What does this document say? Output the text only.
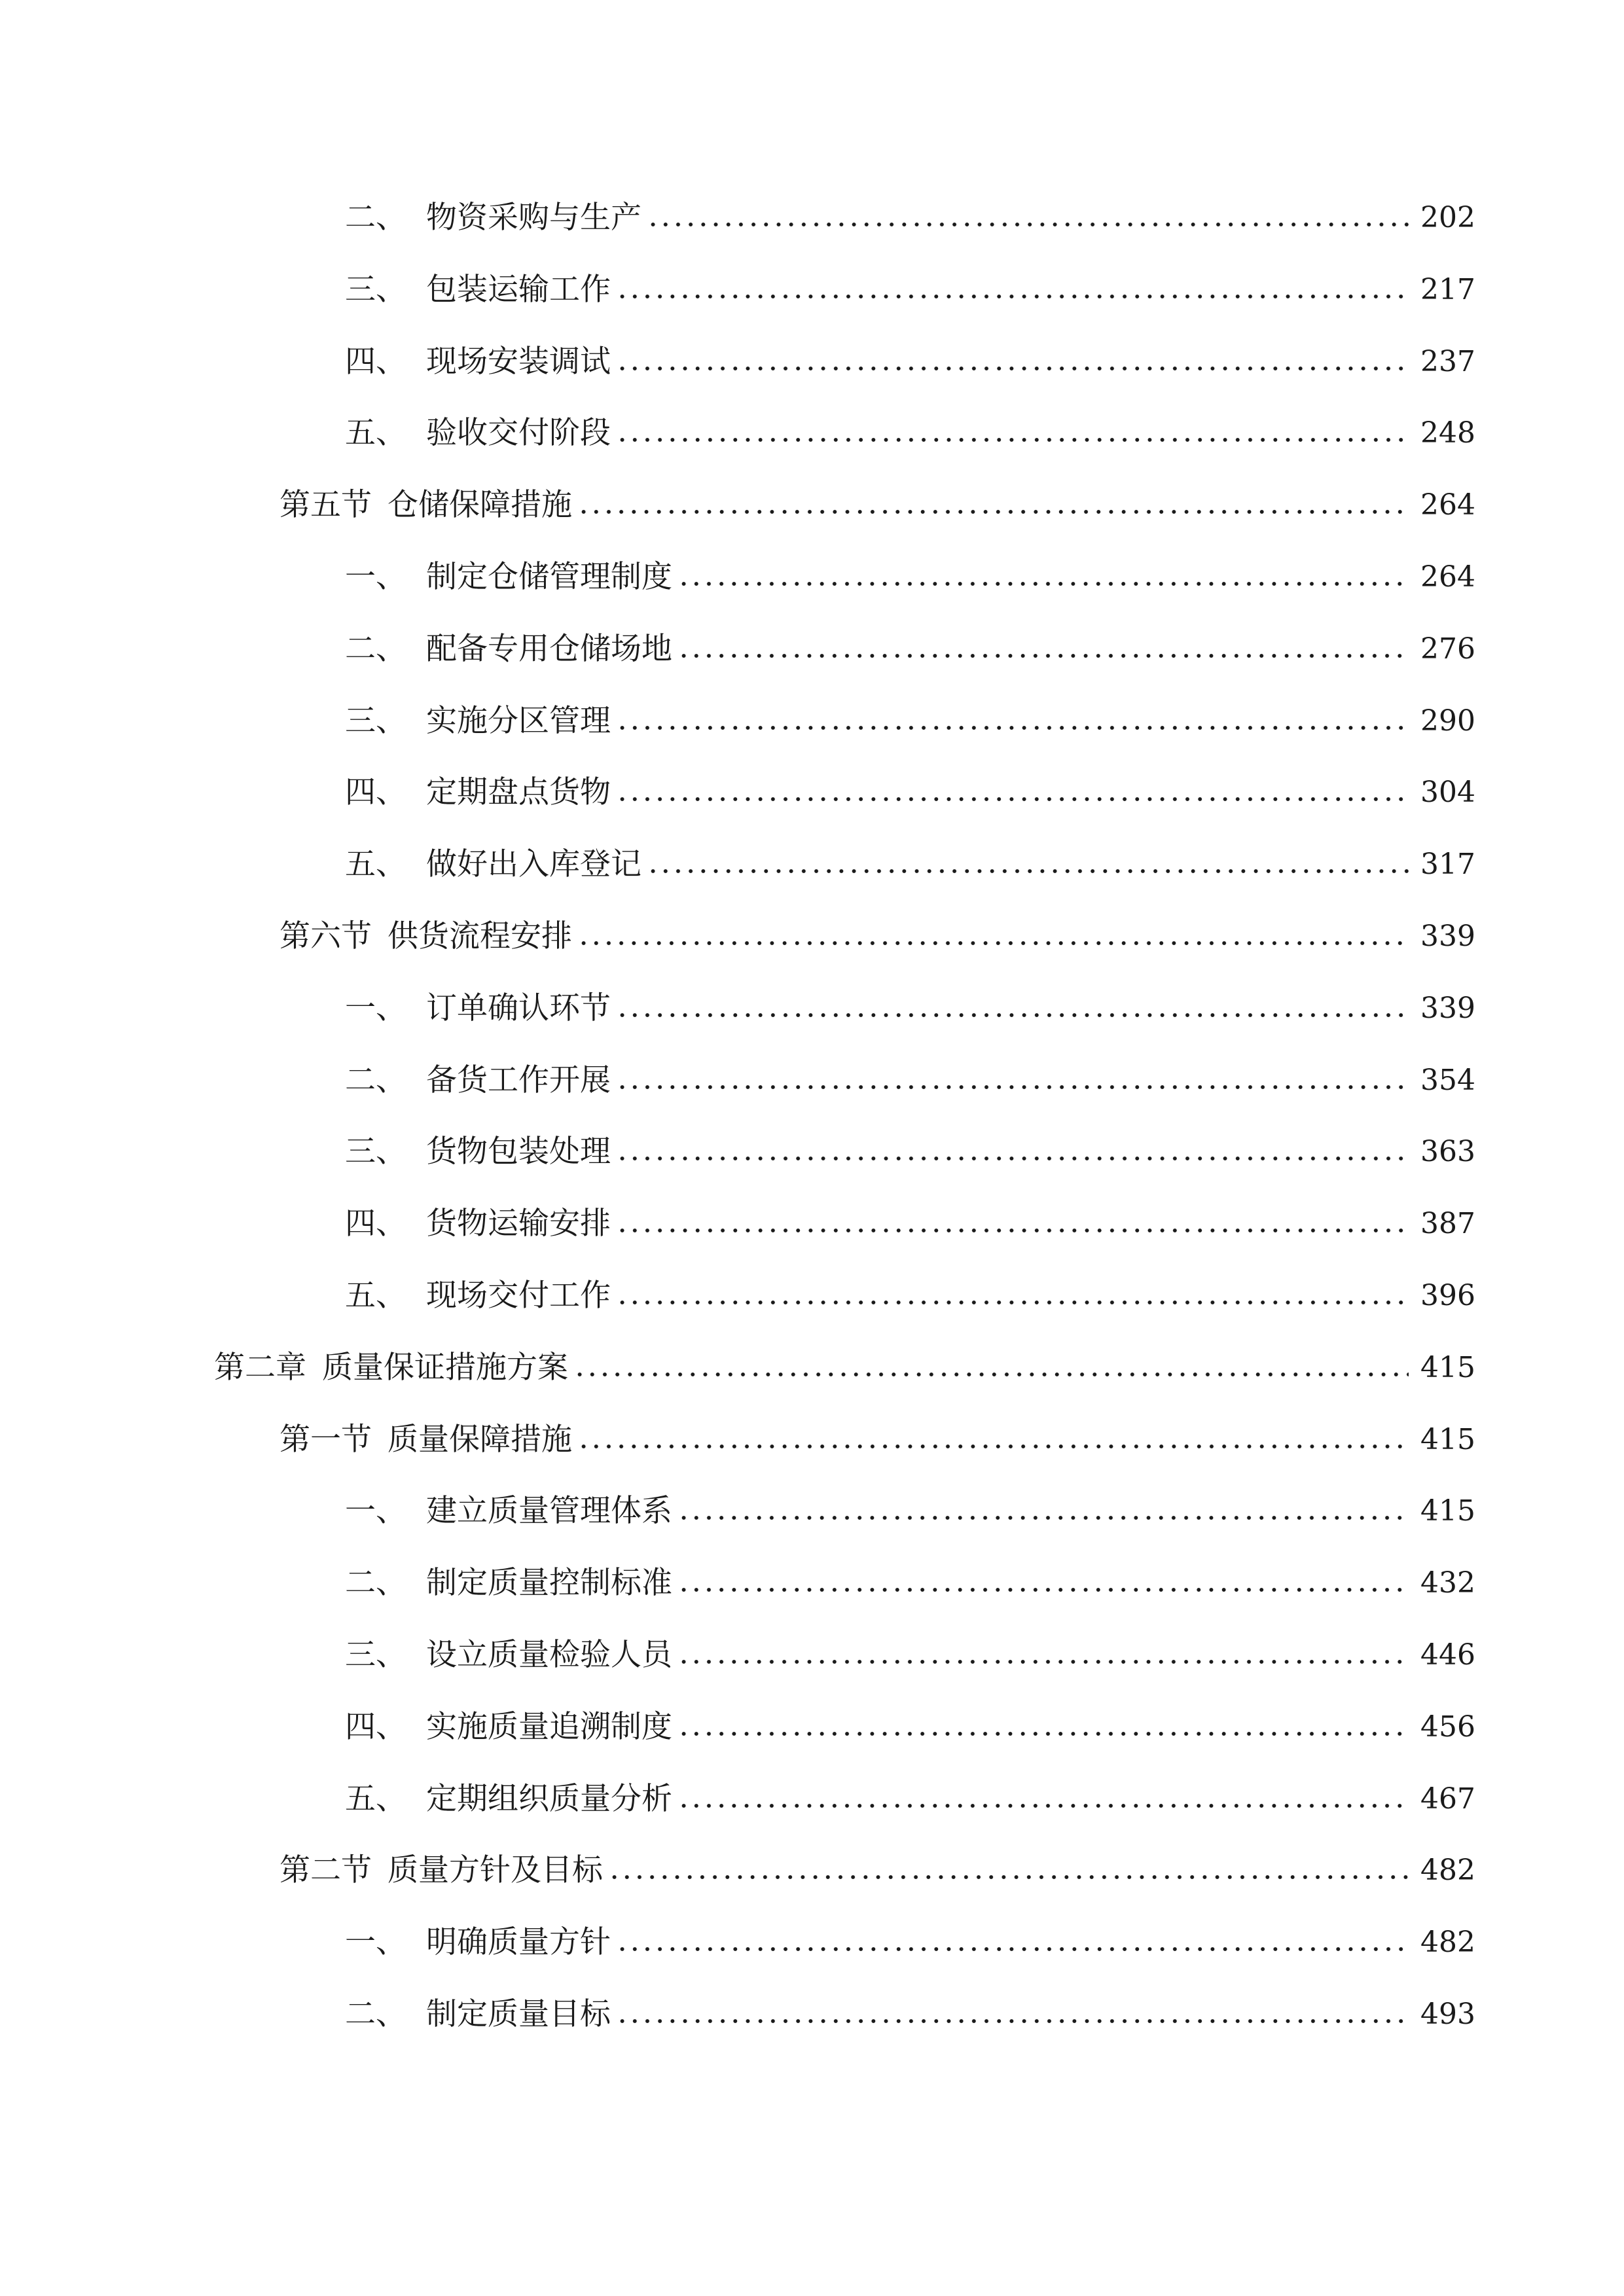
二、 物资采购与生产	202
三、 包装运输工作	217
四、 现场安装调试	237
五、 验收交付阶段	248
第五节 仓储保障措施	264
一、 制定仓储管理制度	264
二、 配备专用仓储场地	276
三、 实施分区管理	290
四、 定期盘点货物	304
五、 做好出入库登记	317
第六节 供货流程安排	339
一、 订单确认环节	339
二、 备货工作开展	354
三、 货物包装处理	363
四、 货物运输安排	387
五、 现场交付工作	396
第二章 质量保证措施方案	415
第一节 质量保障措施	415
一、 建立质量管理体系	415
二、 制定质量控制标准	432
三、 设立质量检验人员	446
四、 实施质量追溯制度	456
五、 定期组织质量分析	467
第二节 质量方针及目标	482
一、 明确质量方针	482
二、 制定质量目标	493
